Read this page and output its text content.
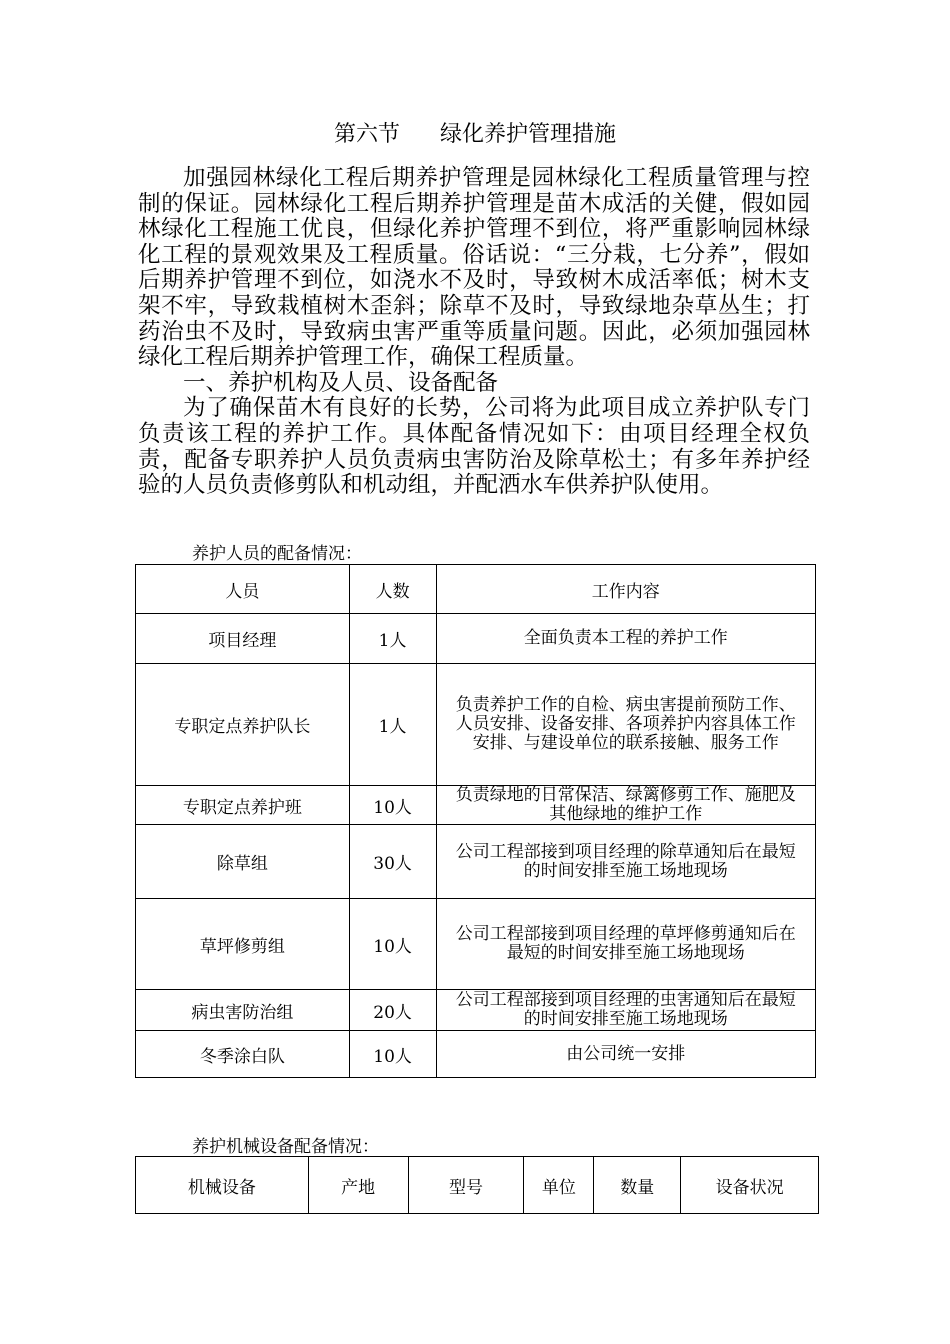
第六节 绿化养护管理措施

加强园林绿化工程后期养护管理是园林绿化工程质量管理与控制的保证。园林绿化工程后期养护管理是苗木成活的关健，假如园林绿化工程施工优良，但绿化养护管理不到位，将严重影响园林绿化工程的景观效果及工程质量。俗话说：“三分栽，七分养”，假如后期养护管理不到位，如浇水不及时，导致树木成活率低；树木支架不牢，导致栽植树木歪斜；除草不及时，导致绿地杂草丛生；打药治虫不及时，导致病虫害严重等质量问题。因此，必须加强园林绿化工程后期养护管理工作，确保工程质量。

一、养护机构及人员、设备配备

为了确保苗木有良好的长势，公司将为此项目成立养护队专门负责该工程的养护工作。具体配备情况如下：由项目经理全权负责，配备专职养护人员负责病虫害防治及除草松土；有多年养护经验的人员负责修剪队和机动组，并配洒水车供养护队使用。

养护人员的配备情况：
人员	人数	工作内容
项目经理	1人	全面负责本工程的养护工作
专职定点养护队长	1人	负责养护工作的自检、病虫害提前预防工作、人员安排、设备安排、各项养护内容具体工作安排、与建设单位的联系接触、服务工作
专职定点养护班	10人	负责绿地的日常保洁、绿篱修剪工作、施肥及其他绿地的维护工作
除草组	30人	公司工程部接到项目经理的除草通知后在最短的时间安排至施工场地现场
草坪修剪组	10人	公司工程部接到项目经理的草坪修剪通知后在最短的时间安排至施工场地现场
病虫害防治组	20人	公司工程部接到项目经理的虫害通知后在最短的时间安排至施工场地现场
冬季涂白队	10人	由公司统一安排
养护机械设备配备情况：
机械设备	产地	型号	单位	数量	设备状况
